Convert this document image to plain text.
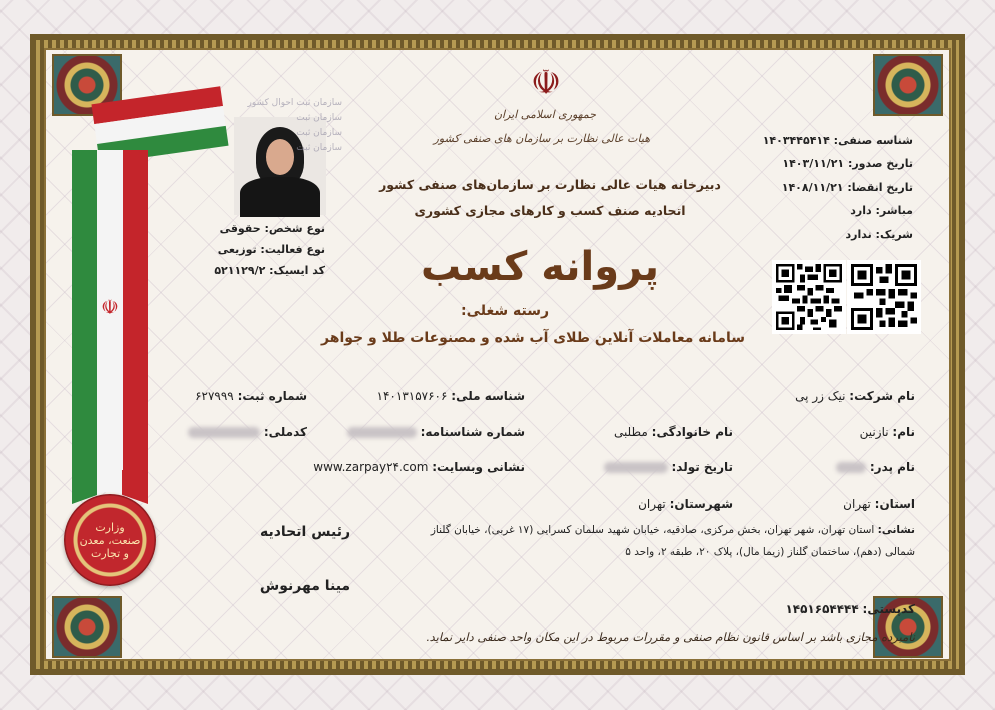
☫
وزارت
صنعت، معدن
و تجارت
سازمان ثبت احوال کشور
سازمان ثبت
سازمان ثبت
سازمان ثبت
نوع شخص: حقوقی
نوع فعالیت: توزیعی
کد ایسیک: ۵۲۱۱۲۹/۲
☫
جمهوری اسلامی ایران
هیات عالی نظارت بر سازمان های صنفی کشور
دبیرخانه هیات عالی نظارت بر سازمان‌های صنفی کشور
اتحادیه صنف کسب و کارهای مجازی کشوری
پروانه کسب
رسته شغلی:
سامانه معاملات آنلاین طلای آب شده و مصنوعات طلا و جواهر
شناسه صنفی: ۱۴۰۳۴۴۵۴۱۴
تاریخ صدور: ۱۴۰۳/۱۱/۲۱
تاریخ انقضا: ۱۴۰۸/۱۱/۲۱
مباشر: دارد
شریک: ندارد
نام شرکت: نیک زر پی
شناسه ملی: ۱۴۰۱۳۱۵۷۶۰۶
شماره ثبت: ۶۲۷۹۹۹
نام: نازنین
نام خانوادگی: مطلبی
شماره شناسنامه:
کدملی:
نام پدر:
تاریخ تولد:
نشانی وبسایت: www.zarpay۲۴.com
استان: تهران
شهرستان: تهران
نشانی: استان تهران، شهر تهران، بخش مرکزی، صادقیه، خیابان شهید سلمان کسرایی (۱۷ غربی)، خیابان گلناز
شمالی (دهم)، ساختمان گلناز (زیما مال)، پلاک ۲۰، طبقه ۲، واحد ۵
کدپستی: ۱۴۵۱۶۵۴۴۴۴
رئیس اتحادیه
مینا مهرنوش
نامبرده مجازی باشد بر اساس قانون نظام صنفی و مقررات مربوط در این مکان واحد صنفی دایر نماید.
